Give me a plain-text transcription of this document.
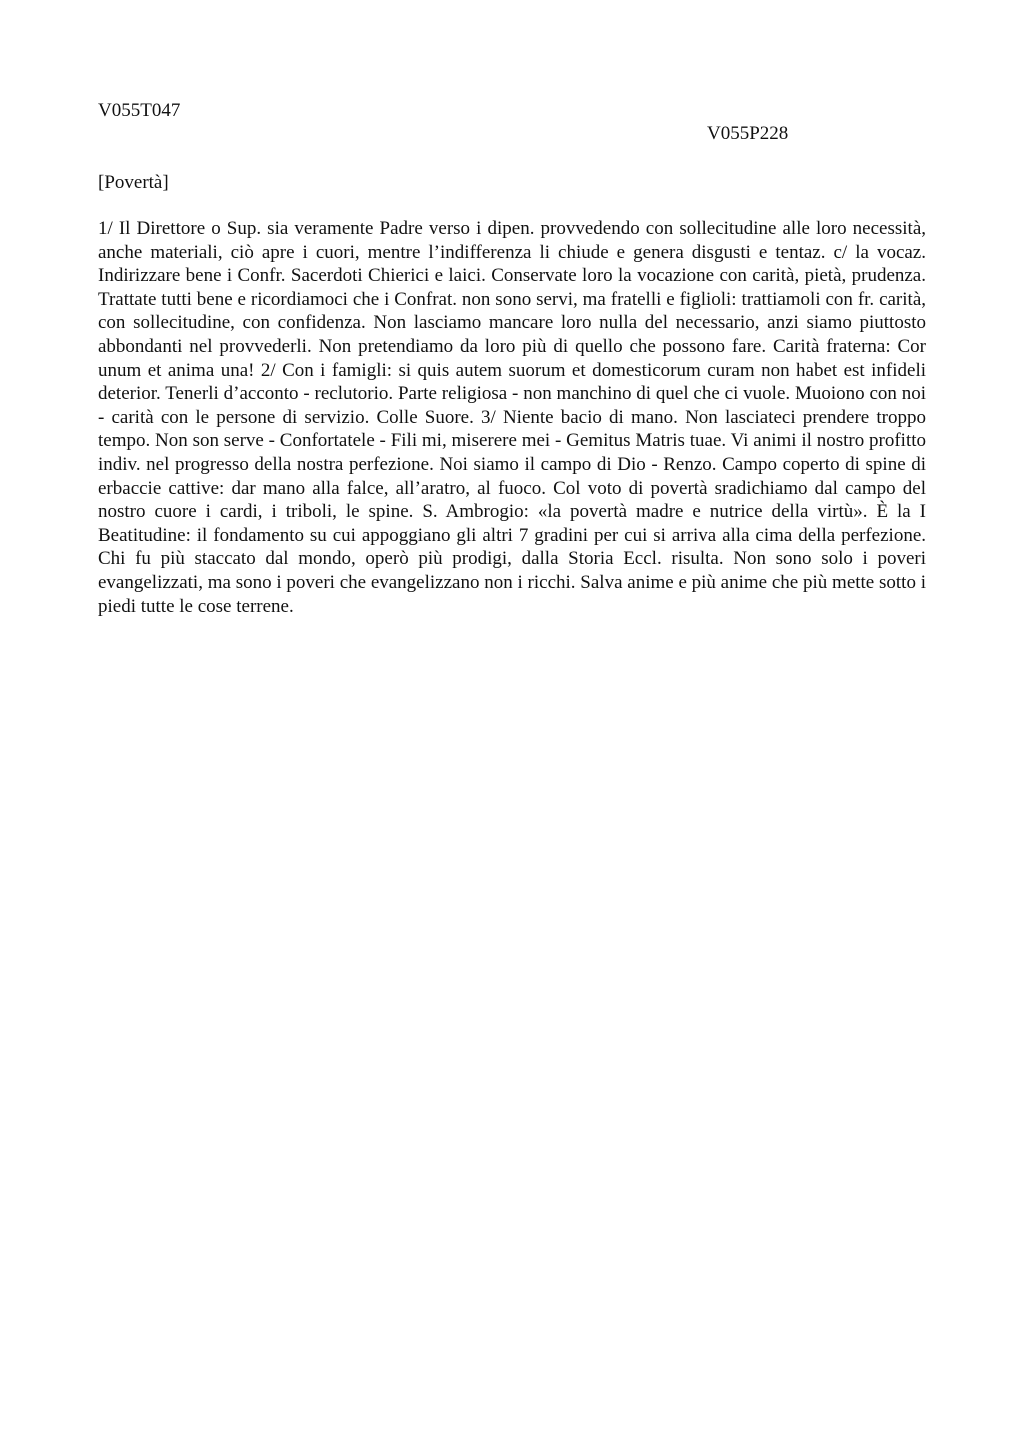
V055T047

V055P228

[Povertà]

1/ Il Direttore o Sup. sia veramente Padre verso i dipen. provvedendo con sollecitudine alle loro necessità, anche materiali, ciò apre i cuori, mentre l’indifferenza li chiude e genera disgusti e tentaz. c/ la vocaz. Indirizzare bene i Confr. Sacerdoti Chierici e laici. Conservate loro la vocazione con carità, pietà, prudenza. Trattate tutti bene e ricordiamoci che i Confrat. non sono servi, ma fratelli e figlioli: trattiamoli con fr. carità, con sollecitudine, con confidenza. Non lasciamo mancare loro nulla del necessario, anzi siamo piuttosto abbondanti nel provvederli. Non pretendiamo da loro più di quello che possono fare. Carità fraterna: Cor unum et anima una! 2/ Con i famigli: si quis autem suorum et domesticorum curam non habet est infideli deterior. Tenerli d’acconto - reclutorio. Parte religiosa - non manchino di quel che ci vuole. Muoiono con noi - carità con le persone di servizio. Colle Suore. 3/ Niente bacio di mano. Non lasciateci prendere troppo tempo. Non son serve - Confortatele - Fili mi, miserere mei - Gemitus Matris tuae. Vi animi il nostro profitto indiv. nel progresso della nostra perfezione. Noi siamo il campo di Dio - Renzo. Campo coperto di spine di erbaccie cattive: dar mano alla falce, all’aratro, al fuoco. Col voto di povertà sradichiamo dal campo del nostro cuore i cardi, i triboli, le spine. S. Ambrogio: «la povertà madre e nutrice della virtù». È la I Beatitudine: il fondamento su cui appoggiano gli altri 7 gradini per cui si arriva alla cima della perfezione. Chi fu più staccato dal mondo, operò più prodigi, dalla Storia Eccl. risulta. Non sono solo i poveri evangelizzati, ma sono i poveri che evangelizzano non i ricchi. Salva anime e più anime che più mette sotto i piedi tutte le cose terrene.
